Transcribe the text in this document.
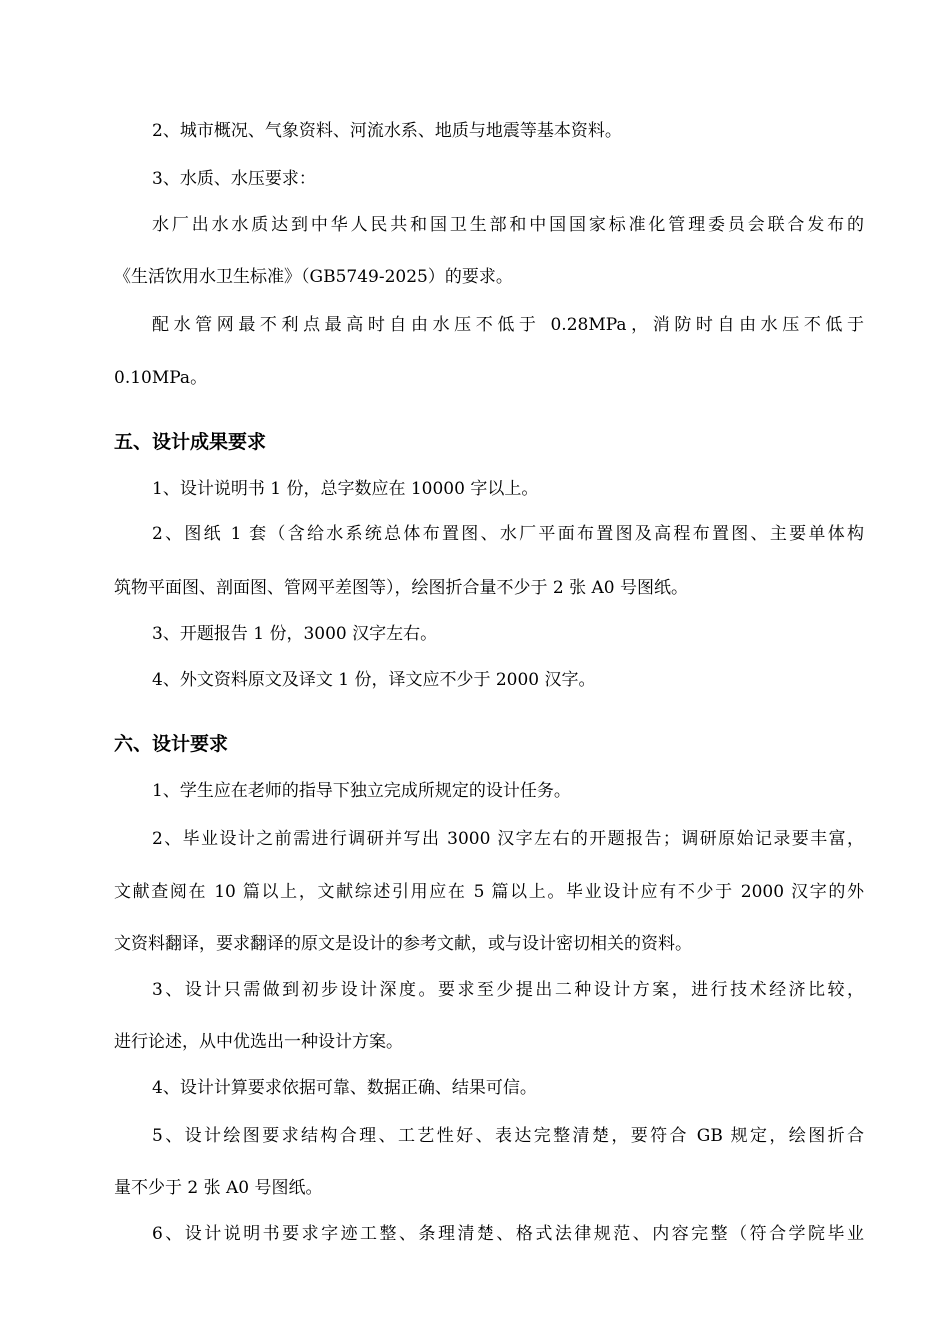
2、城市概况、气象资料、河流水系、地质与地震等基本资料。
3、水质、水压要求：
水厂出水水质达到中华人民共和国卫生部和中国国家标准化管理委员会联合发布的
《生活饮用水卫生标准》（GB5749-2025）的要求。
配水管网最不利点最高时自由水压不低于 0.28MPa，消防时自由水压不低于
0.10MPa。
五、设计成果要求
1、设计说明书 1 份，总字数应在 10000 字以上。
2、图纸 1 套（含给水系统总体布置图、水厂平面布置图及高程布置图、主要单体构
筑物平面图、剖面图、管网平差图等），绘图折合量不少于 2 张 A0 号图纸。
3、开题报告 1 份，3000 汉字左右。
4、外文资料原文及译文 1 份，译文应不少于 2000 汉字。
六、设计要求
1、学生应在老师的指导下独立完成所规定的设计任务。
2、毕业设计之前需进行调研并写出 3000 汉字左右的开题报告；调研原始记录要丰富，
文献查阅在 10 篇以上，文献综述引用应在 5 篇以上。毕业设计应有不少于 2000 汉字的外
文资料翻译，要求翻译的原文是设计的参考文献，或与设计密切相关的资料。
3、设计只需做到初步设计深度。要求至少提出二种设计方案，进行技术经济比较，
进行论述，从中优选出一种设计方案。
4、设计计算要求依据可靠、数据正确、结果可信。
5、设计绘图要求结构合理、工艺性好、表达完整清楚，要符合 GB 规定，绘图折合
量不少于 2 张 A0 号图纸。
6、设计说明书要求字迹工整、条理清楚、格式法律规范、内容完整（符合学院毕业
